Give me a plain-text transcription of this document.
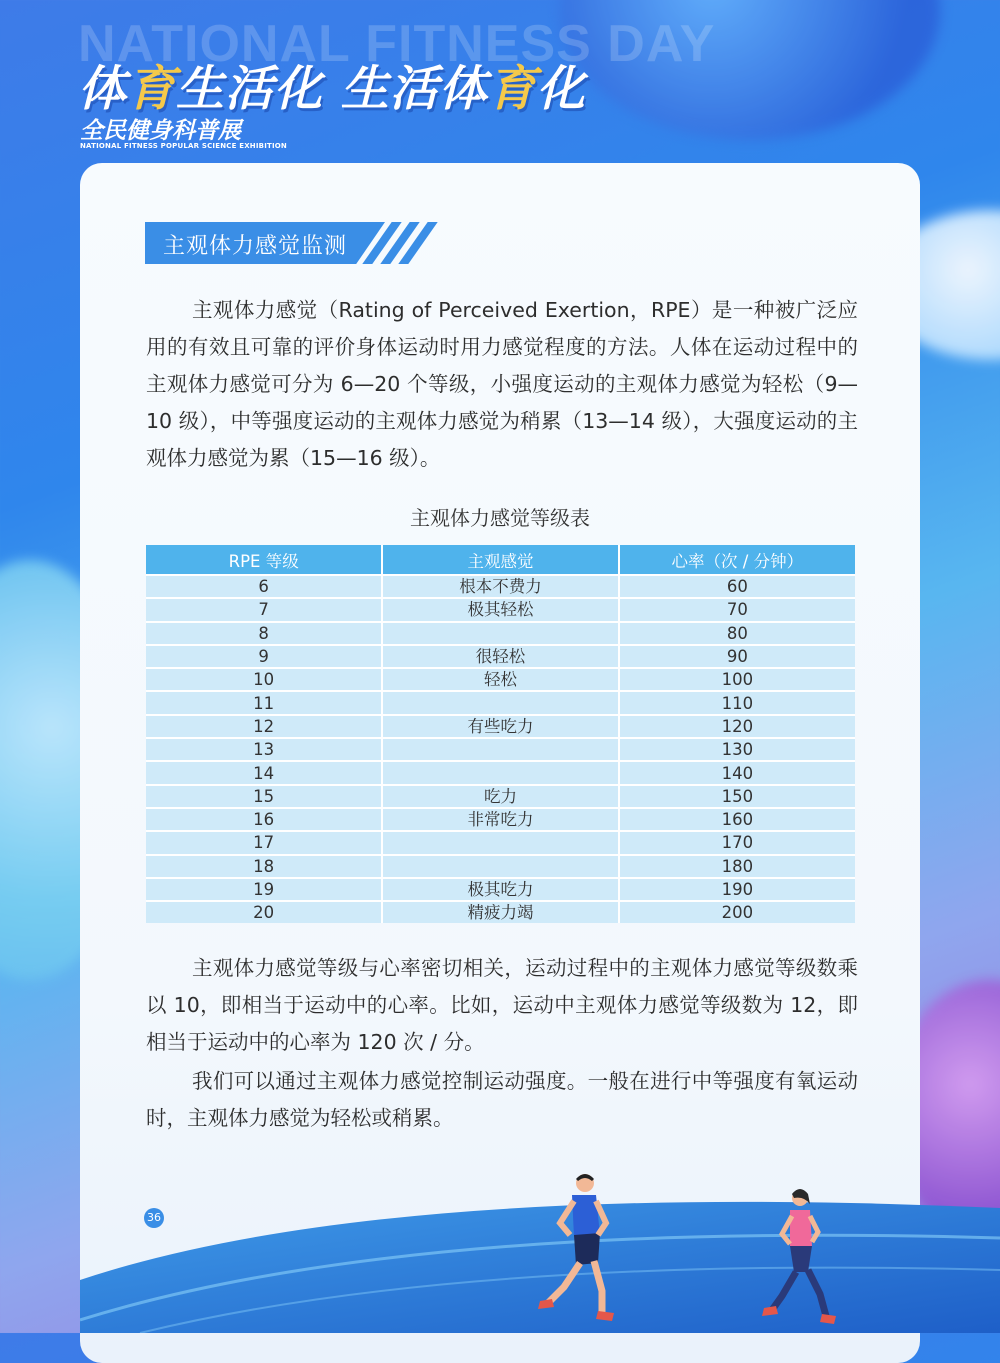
NATIONAL FITNESS DAY
体育生活化 生活体育化
全民健身科普展
NATIONAL FITNESS POPULAR SCIENCE EXHIBITION
主观体力感觉监测

主观体力感觉（Rating of Perceived Exertion，RPE）是一种被广泛应用的有效且可靠的评价身体运动时用力感觉程度的方法。人体在运动过程中的主观体力感觉可分为 6—20 个等级，小强度运动的主观体力感觉为轻松（9—10 级），中等强度运动的主观体力感觉为稍累（13—14 级），大强度运动的主观体力感觉为累（15—16 级）。

主观体力感觉等级表
RPE 等级	主观感觉	心率（次 / 分钟）
6	根本不费力	60
7	极其轻松	70
8		80
9	很轻松	90
10	轻松	100
11		110
12	有些吃力	120
13		130
14		140
15	吃力	150
16	非常吃力	160
17		170
18		180
19	极其吃力	190
20	精疲力竭	200

主观体力感觉等级与心率密切相关，运动过程中的主观体力感觉等级数乘以 10，即相当于运动中的心率。比如，运动中主观体力感觉等级数为 12，即相当于运动中的心率为 120 次 / 分。

我们可以通过主观体力感觉控制运动强度。一般在进行中等强度有氧运动时，主观体力感觉为轻松或稍累。

36
